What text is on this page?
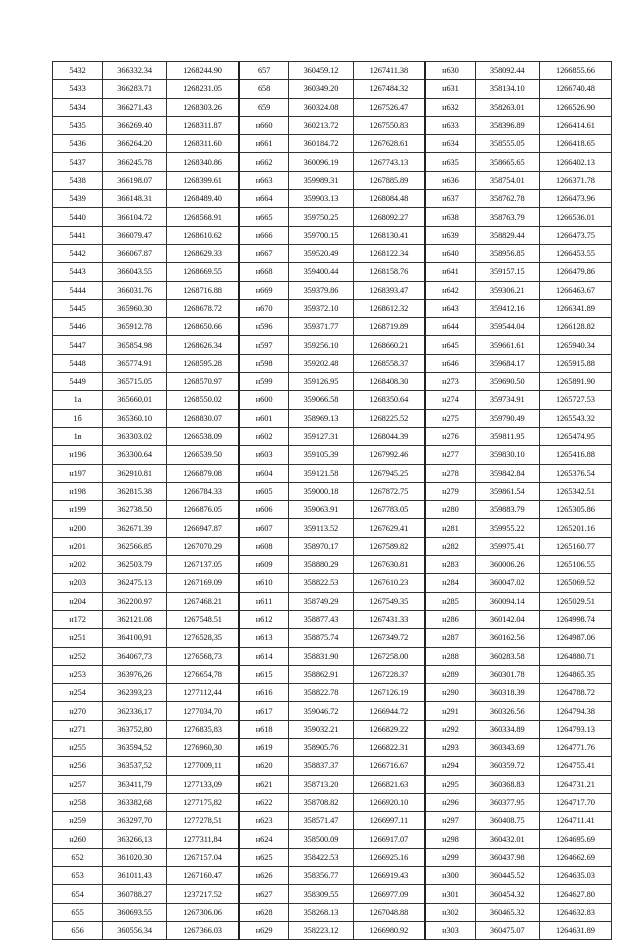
5432	366332.34	1268244.90	657	360459.12	1267411.38	н630	358092.44	1266855.66
5433	366283.71	1268231.05	658	360349.20	1267484.32	н631	358134.10	1266740.48
5434	366271.43	1268303.26	659	360324.08	1267526.47	н632	358263.01	1266526.90
5435	366269.40	1268311.87	н660	360213.72	1267550.83	н633	358396.89	1266414.61
5436	366264.20	1268311.60	н661	360184.72	1267628.61	н634	358555.05	1266418.65
5437	366245.78	1268340.86	н662	360096.19	1267743.13	н635	358665.65	1266402.13
5438	366198.07	1268399.61	н663	359989.31	1267885.89	н636	358754.01	1266371.78
5439	366148.31	1268489.40	н664	359903.13	1268084.48	н637	358762.78	1266473.96
5440	366104.72	1268568.91	н665	359750.25	1268092.27	н638	358763.79	1266536.01
5441	366079.47	1268610.62	н666	359700.15	1268130.41	н639	358829.44	1266473.75
5442	366067.87	1268629.33	н667	359520.49	1268122.34	н640	358956.85	1266453.55
5443	366043.55	1268669.55	н668	359400.44	1268158.76	н641	359157.15	1266479.86
5444	366031.76	1268716.88	н669	359379.86	1268393.47	н642	359306.21	1266463.67
5445	365960.30	1268678.72	н670	359372.10	1268612.32	н643	359412.16	1266341.89
5446	365912.78	1268650.66	н596	359371.77	1268719.89	н644	359544.04	1266128.82
5447	365854.98	1268626.34	н597	359256.10	1268660.21	н645	359661.61	1265940.34
5448	365774.91	1268595.28	н598	359202.48	1268558.37	н646	359684.17	1265915.88
5449	365715.05	1268570.97	н599	359126.95	1268408.30	н273	359690.50	1265891.90
1а	365660.01	1268550.02	н600	359066.58	1268350.64	н274	359734.91	1265727.53
1б	365360.10	1268830.07	н601	358969.13	1268225.52	н275	359790.49	1265543.32
1в	363303.02	1266538.09	н602	359127.31	1268044.39	н276	359811.95	1265474.95
н196	363300.64	1266539.50	н603	359105.39	1267992.46	н277	359830.10	1265416.88
н197	362910.81	1266879.08	н604	359121.58	1267945.25	н278	359842.84	1265376.54
н198	362815.38	1266784.33	н605	359000.18	1267872.75	н279	359861.54	1265342.51
н199	362738.50	1266876.05	н606	359063.91	1267783.05	н280	359883.79	1265305.86
н200	362671.39	1266947.87	н607	359113.52	1267629.41	н281	359955.22	1265201.16
н201	362566.85	1267070.29	н608	358970.17	1267589.82	н282	359975.41	1265160.77
н202	362503.79	1267137.05	н609	358880.29	1267630.81	н283	360006.26	1265106.55
н203	362475.13	1267169.09	н610	358822.53	1267610.23	н284	360047.02	1265069.52
н204	362200.97	1267468.21	н611	358749.29	1267549.35	н285	360094.14	1265029.51
н172	362121.08	1267548.51	н612	358877.43	1267431.33	н286	360142.04	1264998.74
н251	364100,91	1276528,35	н613	358875.74	1267349.72	н287	360162.56	1264987.06
н252	364067,73	1276568,73	н614	358831.90	1267258.00	н288	360283.58	1264880.71
н253	363976,26	1276654,78	н615	358862.91	1267228.37	н289	360301.78	1264865.35
н254	362393,23	1277112,44	н616	358822.78	1267126.19	н290	360318.39	1264788.72
н270	362336,17	1277034,70	н617	359046.72	1266944.72	н291	360326.56	1264794.38
н271	363752,80	1276835,83	н618	359032.21	1266829.22	н292	360334.89	1264793.13
н255	363594,52	1276960,30	н619	358905.76	1266822.31	н293	360343.69	1264771.76
н256	363537,52	1277009,11	н620	358837.37	1266716.67	н294	360359.72	1264755.41
н257	363411,79	1277133,09	н621	358713.20	1266821.63	н295	360368.83	1264731.21
н258	363382,68	1277175,82	н622	358708.82	1266920.10	н296	360377.95	1264717.70
н259	363297,70	1277278,51	н623	358571.47	1266997.11	н297	360408.75	1264711.41
н260	363266,13	1277311,84	н624	358500.09	1266917.07	н298	360432.01	1264695.69
652	361020.30	1267157.04	н625	358422.53	1266925.16	н299	360437.98	1264662.69
653	361011.43	1267160.47	н626	358356.77	1266919.43	н300	360445.52	1264635.03
654	360788.27	1237217.52	н627	358309.55	1266977.09	н301	360454.32	1264627.80
655	360693.55	1267306.06	н628	358268.13	1267048.88	н302	360465.32	1264632.83
656	360556.34	1267366.03	н629	358223.12	1266980.92	н303	360475.07	1264631.89
